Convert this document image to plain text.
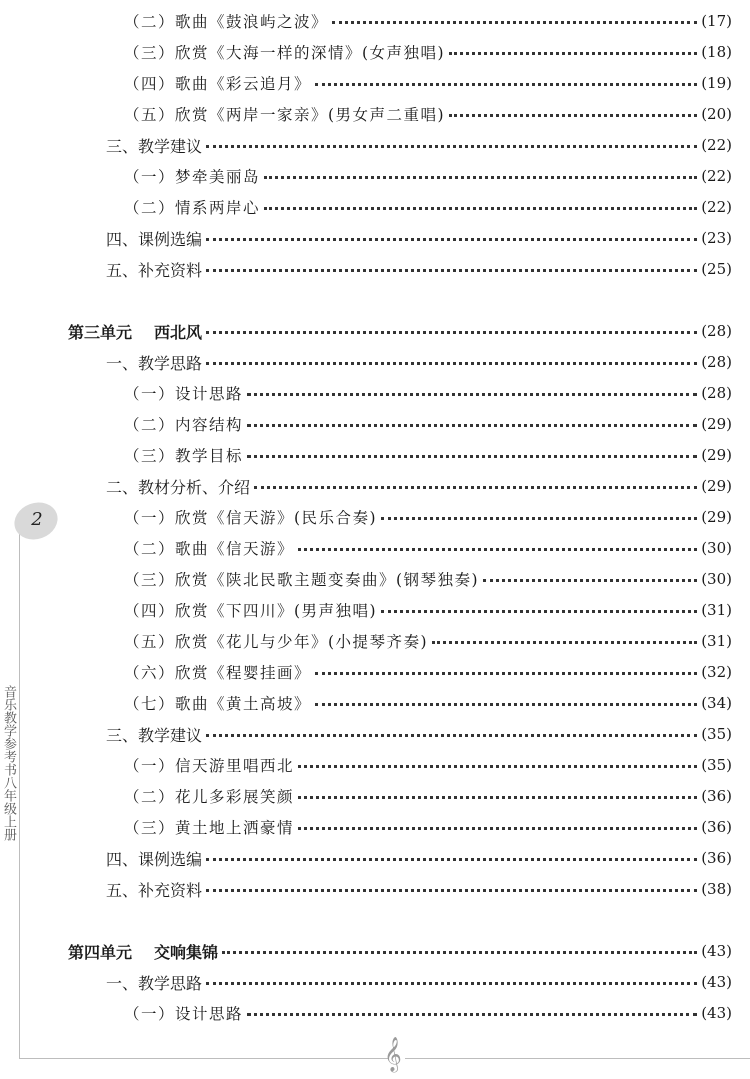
（二）歌曲《鼓浪屿之波》	(17)
（三）欣赏《大海一样的深情》(女声独唱)	(18)
（四）歌曲《彩云追月》	(19)
（五）欣赏《两岸一家亲》(男女声二重唱)	(20)
三、教学建议	(22)
（一）梦牵美丽岛	(22)
（二）情系两岸心	(22)
四、课例选编	(23)
五、补充资料	(25)
第三单元 西北风	(28)
一、教学思路	(28)
（一）设计思路	(28)
（二）内容结构	(29)
（三）教学目标	(29)
二、教材分析、介绍	(29)
（一）欣赏《信天游》(民乐合奏)	(29)
（二）歌曲《信天游》	(30)
（三）欣赏《陕北民歌主题变奏曲》(钢琴独奏)	(30)
（四）欣赏《下四川》(男声独唱)	(31)
（五）欣赏《花儿与少年》(小提琴齐奏)	(31)
（六）欣赏《程婴挂画》	(32)
（七）歌曲《黄土高坡》	(34)
三、教学建议	(35)
（一）信天游里唱西北	(35)
（二）花儿多彩展笑颜	(36)
（三）黄土地上洒豪情	(36)
四、课例选编	(36)
五、补充资料	(38)
第四单元 交响集锦	(43)
一、教学思路	(43)
（一）设计思路	(43)
2
音乐教学参考书八年级上册
𝄞
